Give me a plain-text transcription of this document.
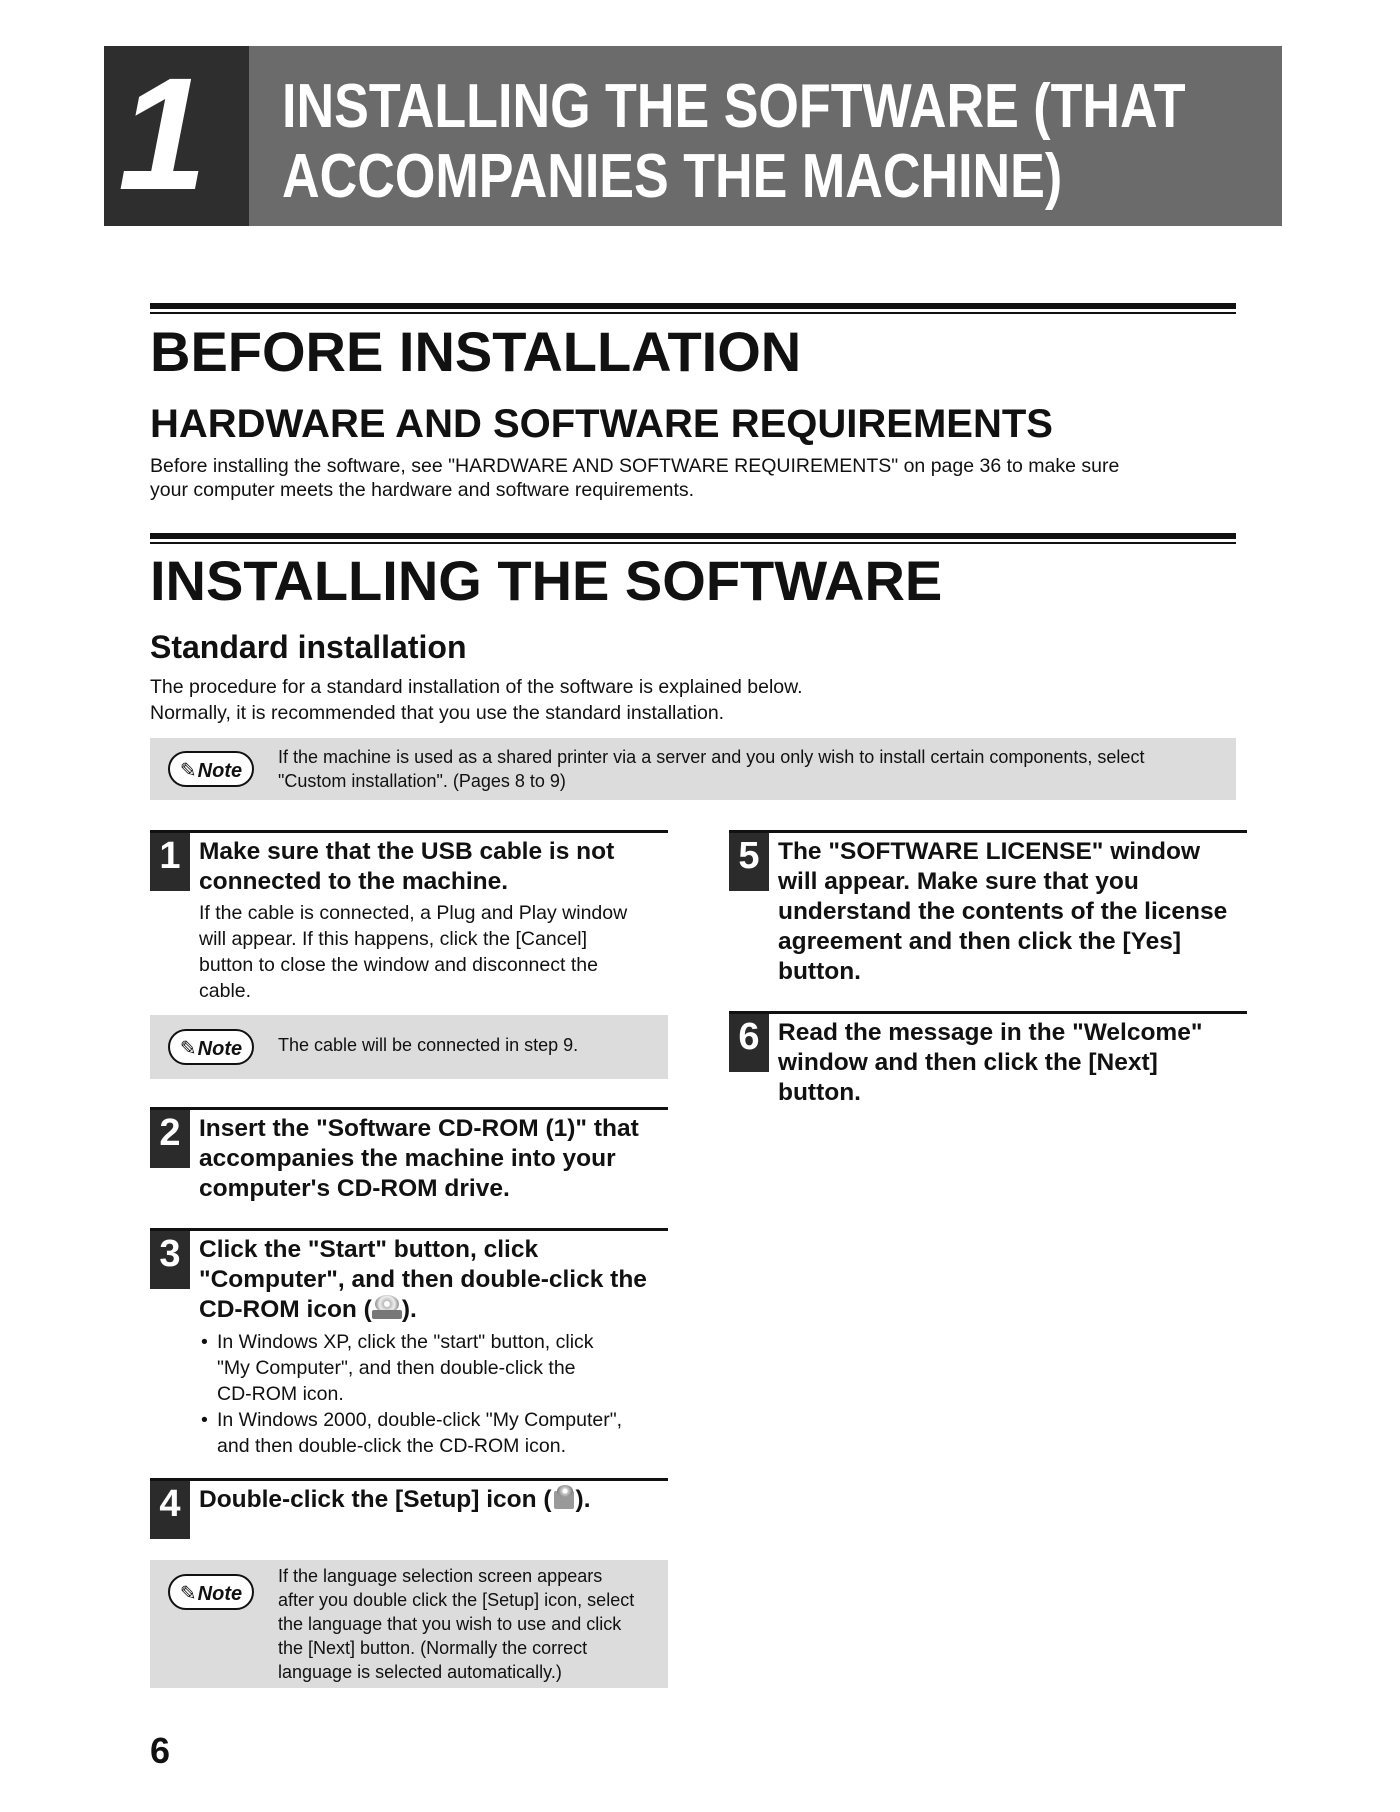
1 INSTALLING THE SOFTWARE (THAT
ACCOMPANIES THE MACHINE)
BEFORE INSTALLATION
HARDWARE AND SOFTWARE REQUIREMENTS
Before installing the software, see "HARDWARE AND SOFTWARE REQUIREMENTS" on page 36 to make sure
your computer meets the hardware and software requirements.
INSTALLING THE SOFTWARE
Standard installation
The procedure for a standard installation of the software is explained below.
Normally, it is recommended that you use the standard installation.
✎Note
If the machine is used as a shared printer via a server and you only wish to install certain components, select
"Custom installation". (Pages 8 to 9)
1 Make sure that the USB cable is not
connected to the machine.
If the cable is connected, a Plug and Play window
will appear. If this happens, click the [Cancel]
button to close the window and disconnect the
cable.
✎Note	The cable will be connected in step 9.
2 Insert the "Software CD-ROM (1)" that
accompanies the machine into your
computer's CD-ROM drive.
3 Click the "Start" button, click
"Computer", and then double-click the
CD-ROM icon ( ).
• In Windows XP, click the "start" button, click
"My Computer", and then double-click the
CD-ROM icon.
• In Windows 2000, double-click "My Computer",
and then double-click the CD-ROM icon.
4 Double-click the [Setup] icon ( ).
✎Note
If the language selection screen appears
after you double click the [Setup] icon, select
the language that you wish to use and click
the [Next] button. (Normally the correct
language is selected automatically.)
5 The "SOFTWARE LICENSE" window
will appear. Make sure that you
understand the contents of the license
agreement and then click the [Yes]
button.
6 Read the message in the "Welcome"
window and then click the [Next]
button.
6
